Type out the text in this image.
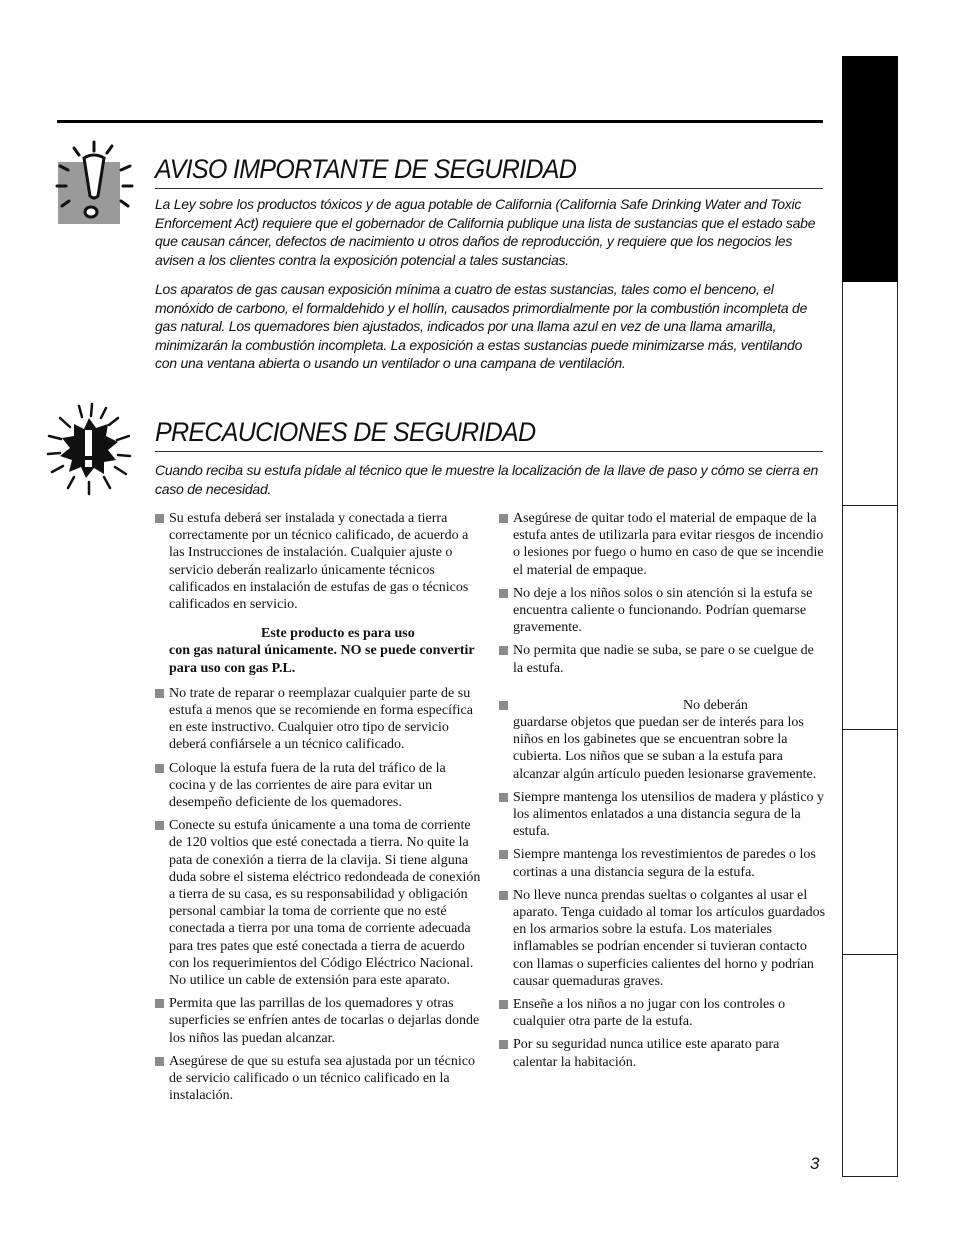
AVISO IMPORTANTE DE SEGURIDAD

La Ley sobre los productos tóxicos y de agua potable de California (California Safe Drinking Water and Toxic Enforcement Act) requiere que el gobernador de California publique una lista de sustancias que el estado sabe que causan cáncer, defectos de nacimiento u otros daños de reproducción, y requiere que los negocios les avisen a los clientes contra la exposición potencial a tales sustancias.

Los aparatos de gas causan exposición mínima a cuatro de estas sustancias, tales como el benceno, el monóxido de carbono, el formaldehido y el hollín, causados primordialmente por la combustión incompleta de gas natural. Los quemadores bien ajustados, indicados por una llama azul en vez de una llama amarilla, minimizarán la combustión incompleta. La exposición a estas sustancias puede minimizarse más, ventilando con una ventana abierta o usando un ventilador o una campana de ventilación.

PRECAUCIONES DE SEGURIDAD

Cuando reciba su estufa pídale al técnico que le muestre la localización de la llave de paso y cómo se cierra en caso de necesidad.

Su estufa deberá ser instalada y conectada a tierra correctamente por un técnico calificado, de acuerdo a las Instrucciones de instalación. Cualquier ajuste o servicio deberán realizarlo únicamente técnicos calificados en instalación de estufas de gas o técnicos calificados en servicio.

Este producto es para uso

con gas natural únicamente. NO se puede convertir para uso con gas P.L.

No trate de reparar o reemplazar cualquier parte de su estufa a menos que se recomiende en forma específica en este instructivo. Cualquier otro tipo de servicio deberá confiársele a un técnico calificado.

Coloque la estufa fuera de la ruta del tráfico de la cocina y de las corrientes de aire para evitar un desempeño deficiente de los quemadores.

Conecte su estufa únicamente a una toma de corriente de 120 voltios que esté conectada a tierra. No quite la pata de conexión a tierra de la clavija. Si tiene alguna duda sobre el sistema eléctrico redondeada de conexión a tierra de su casa, es su responsabilidad y obligación personal cambiar la toma de corriente que no esté conectada a tierra por una toma de corriente adecuada para tres pates que esté conectada a tierra de acuerdo con los requerimientos del Código Eléctrico Nacional. No utilice un cable de extensión para este aparato.

Permita que las parrillas de los quemadores y otras superficies se enfríen antes de tocarlas o dejarlas donde los niños las puedan alcanzar.

Asegúrese de que su estufa sea ajustada por un técnico de servicio calificado o un técnico calificado en la instalación.

Asegúrese de quitar todo el material de empaque de la estufa antes de utilizarla para evitar riesgos de incendio o lesiones por fuego o humo en caso de que se incendie el material de empaque.

No deje a los niños solos o sin atención si la estufa se encuentra caliente o funcionando. Podrían quemarse gravemente.

No permita que nadie se suba, se pare o se cuelgue de la estufa.

No deberán

guardarse objetos que puedan ser de interés para los niños en los gabinetes que se encuentran sobre la cubierta. Los niños que se suban a la estufa para alcanzar algún artículo pueden lesionarse gravemente.

Siempre mantenga los utensilios de madera y plástico y los alimentos enlatados a una distancia segura de la estufa.

Siempre mantenga los revestimientos de paredes o los cortinas a una distancia segura de la estufa.

No lleve nunca prendas sueltas o colgantes al usar el aparato. Tenga cuidado al tomar los artículos guardados en los armarios sobre la estufa. Los materiales inflamables se podrían encender si tuvieran contacto con llamas o superficies calientes del horno y podrían causar quemaduras graves.

Enseñe a los niños a no jugar con los controles o cualquier otra parte de la estufa.

Por su seguridad nunca utilice este aparato para calentar la habitación.

3
